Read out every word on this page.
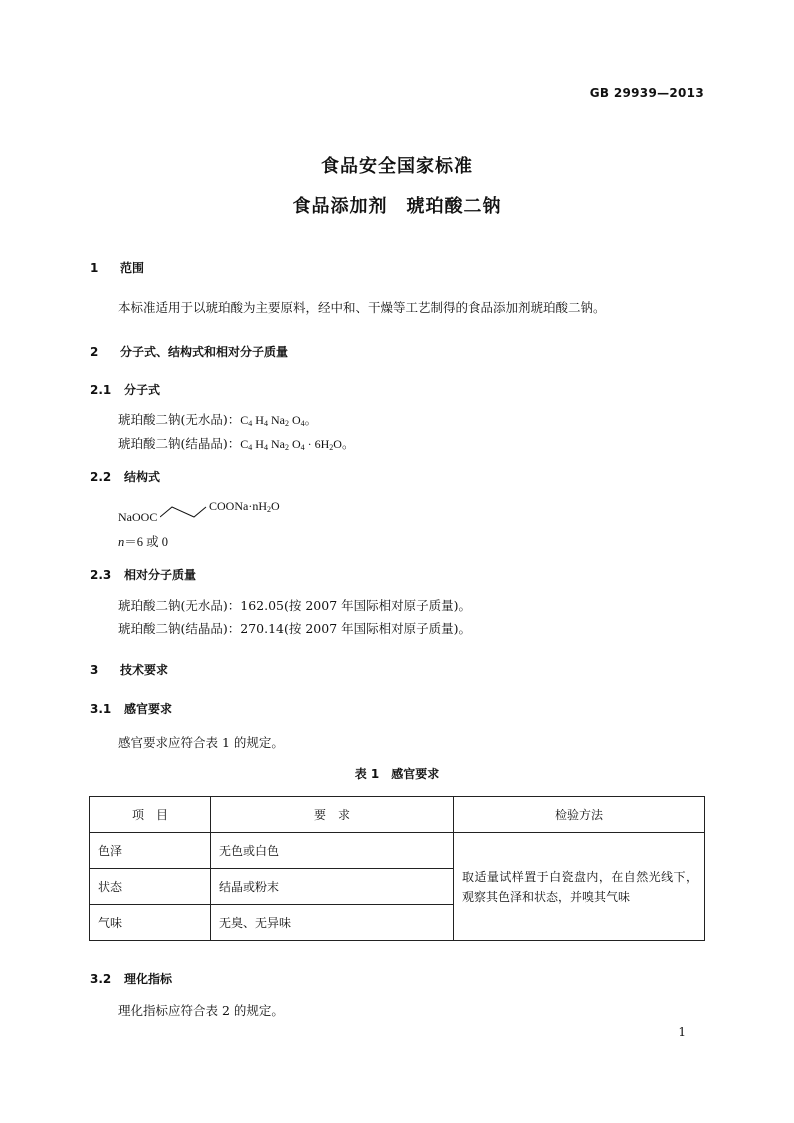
GB 29939—2013
食品安全国家标准
食品添加剂　琥珀酸二钠
1 范围
本标准适用于以琥珀酸为主要原料，经中和、干燥等工艺制得的食品添加剂琥珀酸二钠。
2 分子式、结构式和相对分子质量
2.1 分子式
琥珀酸二钠(无水品)：$C_4$ $H_4$ $Na_2$ $O_4$。
琥珀酸二钠(结晶品)：$C_4$ $H_4$ $Na_2$ $O_4 \cdot 6H_2O$。
2.2 结构式
NaOOC
$COONa\cdot nH_2O$
n＝6 或 0
2.3 相对分子质量
琥珀酸二钠(无水品)：162.05(按 2007 年国际相对原子质量)。
琥珀酸二钠(结晶品)：270.14(按 2007 年国际相对原子质量)。
3 技术要求
3.1 感官要求
感官要求应符合表 1 的规定。
表 1　感官要求
项　目	要　求	检验方法
色泽	无色或白色	取适量试样置于白瓷盘内，在自然光线下，观察其色泽和状态，并嗅其气味
状态	结晶或粉末	
气味	无臭、无异味	
3.2 理化指标
理化指标应符合表 2 的规定。
1
